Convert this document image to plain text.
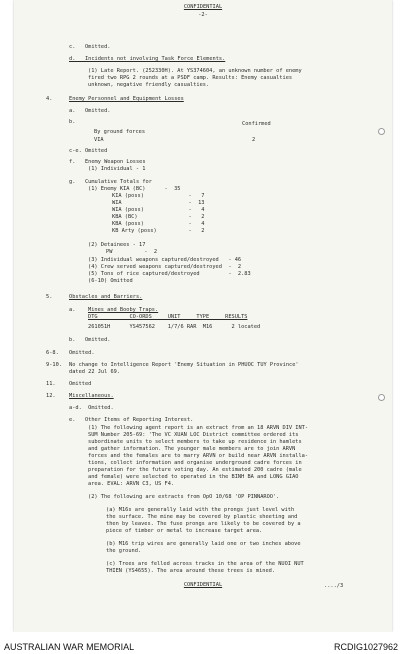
CONFIDENTIAL
-2-
c.   Omitted.
d.   Incidents not involving Task Force Elements.
(1) Late Report. (252330H). At YS374604, an unknown number of enemy
fired two RPG 2 rounds at a PSDF camp. Results: Enemy casualties
unknown, negative friendly casualties.
4.	Enemy Personnel and Equipment Losses
a.   Omitted.
b.	Confirmed
By ground forces
VIA	2
c-e. Omitted
f.   Enemy Weapon Losses
(1) Individual - 1
g.   Cumulative Totals for
(1) Enemy KIA (BC)      -  35
KIA (poss)              -   7
WIA                     -  13
WIA (poss)              -   4
KBA (BC)                -   2
KBA (poss)              -   4
KB Arty (poss)          -   2
(2) Detainees - 17
PW          -  2
(3) Individual weapons captured/destroyed   - 46
(4) Crew served weapons captured/destroyed  -  2
(5) Tons of rice captured/destroyed         -  2.83
(6-10) Omitted
5.	Obstacles and Barriers.
a. Mines and Booby Traps.
DTG          CO-ORDS     UNIT     TYPE     RESULTS
261051H      YS457562    1/7/6 RAR  M16      2 located
b.   Omitted.
6-8. Omitted.
9-10. No change to Intelligence Report 'Enemy Situation in PHUOC TUY Province'
dated 22 Jul 69.
11.	Omitted
12.	Miscellaneous.
a-d.  Omitted.
e.   Other Items of Reporting Interest.
(1) The following agent report is an extract from an 18 ARVN DIV INT-
SUM Number 205-69: 'The VC XUAN LOC District committee ordered its
subordinate units to select members to take up residence in hamlets
and gather information. The younger male members are to join ARVN
forces and the females are to marry ARVN or build near ARVN installa-
tions, collect information and organise underground cadre forces in
preparation for the future voting day. An estimated 200 cadre (male
and female) were selected to operated in the BINH BA and LONG GIAO
area. EVAL: ARVN C3, US F4.
(2) The following are extracts from OpO 10/68 'OP PINNAROO'.
(a) M16s are generally laid with the prongs just level with
the surface. The mine may be covered by plastic sheeting and
then by leaves. The fuse prongs are likely to be covered by a
piece of timber or metal to increase target area.
(b) M16 trip wires are generally laid one or two inches above
the ground.
(c) Trees are felled across tracks in the area of the NUOI NUT
THIEN (YS4655). The area around these trees is mined.
CONFIDENTIAL	..../3
AUSTRALIAN WAR MEMORIAL	RCDIG1027962
